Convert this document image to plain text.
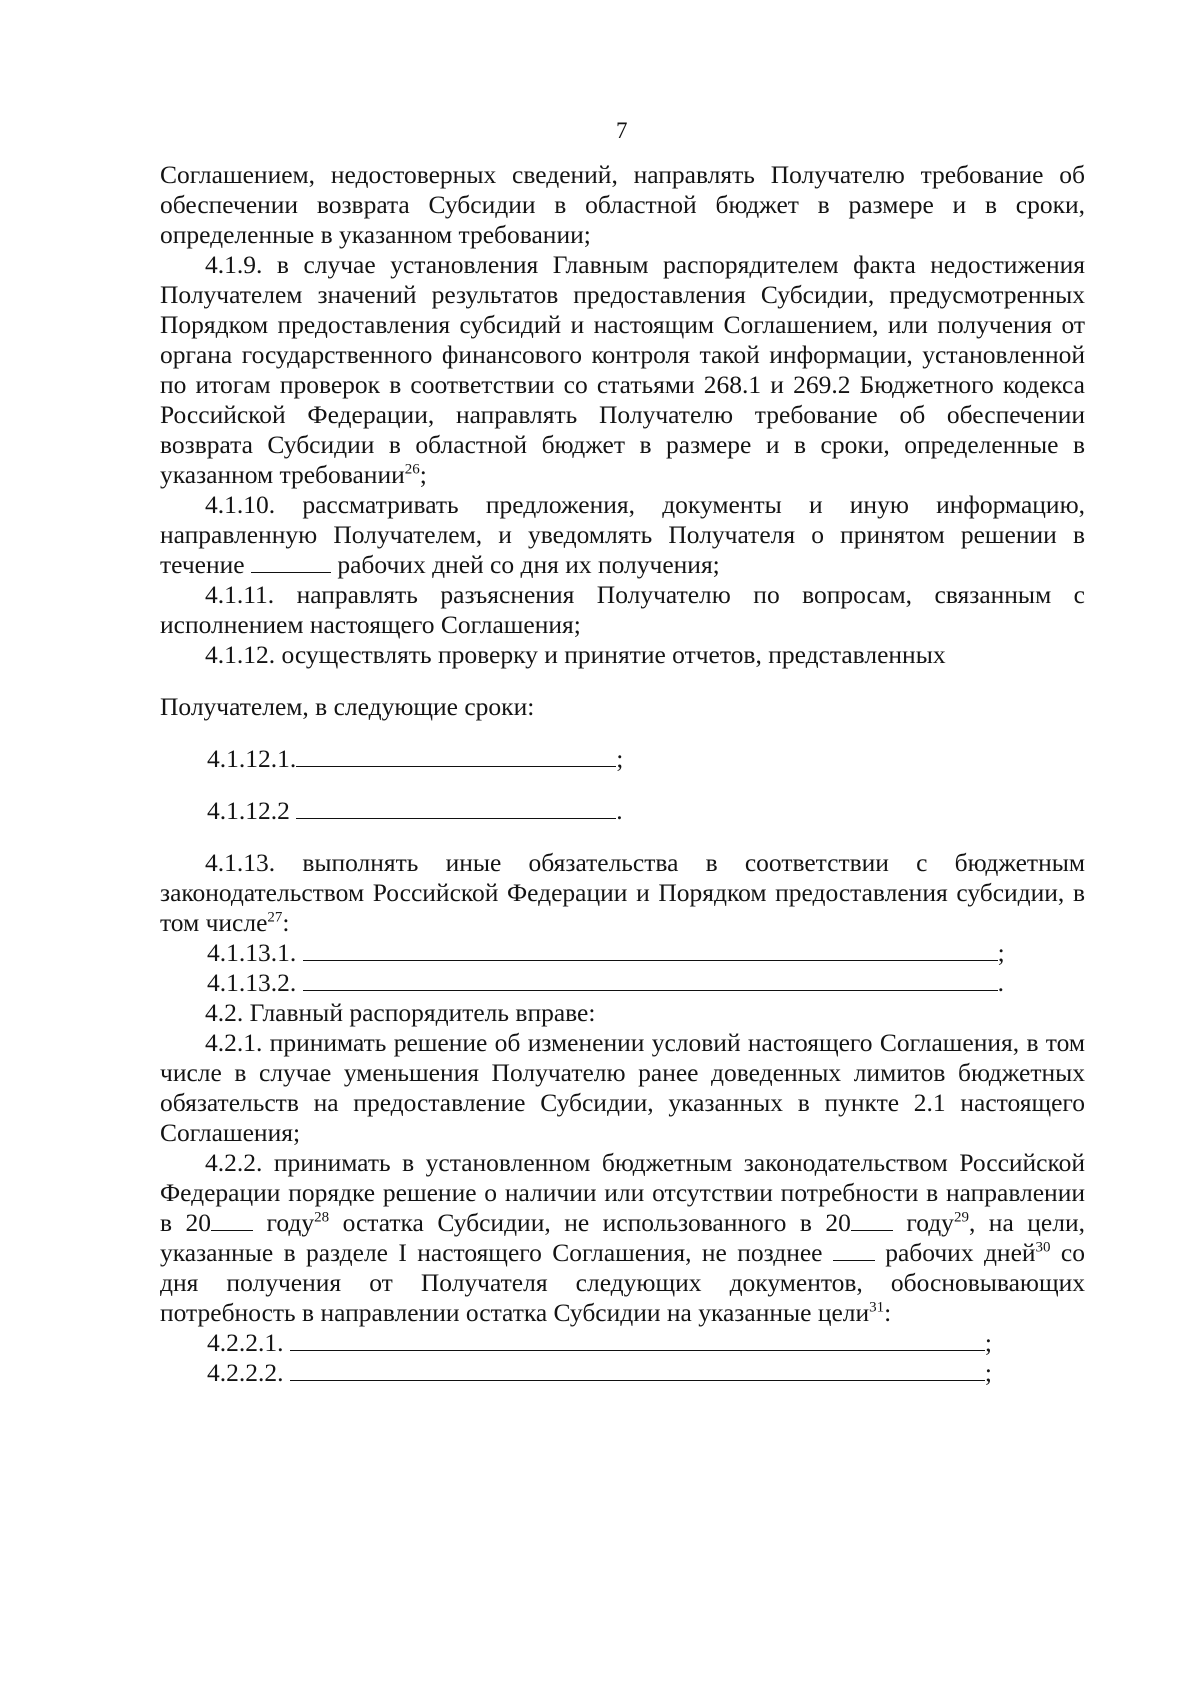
7

Соглашением, недостоверных сведений, направлять Получателю требование об обеспечении возврата Субсидии в областной бюджет в размере и в сроки, определенные в указанном требовании;

4.1.9. в случае установления Главным распорядителем факта недостижения Получателем значений результатов предоставления Субсидии, предусмотренных Порядком предоставления субсидий и настоящим Соглашением, или получения от органа государственного финансового контроля такой информации, установленной по итогам проверок в соответствии со статьями 268.1 и 269.2 Бюджетного кодекса Российской Федерации, направлять Получателю требование об обеспечении возврата Субсидии в областной бюджет в размере и в сроки, определенные в указанном требовании$^{26}$;

4.1.10. рассматривать предложения, документы и иную информацию, направленную Получателем, и уведомлять Получателя о принятом решении в течение	рабочих дней со дня их получения;

4.1.11. направлять разъяснения Получателю по вопросам, связанным с исполнением настоящего Соглашения;

4.1.12. осуществлять проверку и принятие отчетов, представленных

Получателем, в следующие сроки:

4.1.12.1.	;

4.1.12.2	.

4.1.13. выполнять иные обязательства в соответствии с бюджетным законодательством Российской Федерации и Порядком предоставления субсидии, в том числе$^{27}$:

4.1.13.1.	;

4.1.13.2.	.

4.2. Главный распорядитель вправе:

4.2.1. принимать решение об изменении условий настоящего Соглашения, в том числе в случае уменьшения Получателю ранее доведенных лимитов бюджетных обязательств на предоставление Субсидии, указанных в пункте 2.1 настоящего Соглашения;

4.2.2. принимать в установленном бюджетным законодательством Российской Федерации порядке решение о наличии или отсутствии потребности в направлении в 20 году$^{28}$ остатка Субсидии, не использованного в 20 году$^{29}$, на цели, указанные в разделе I настоящего Соглашения, не позднее  рабочих дней$^{30}$ со дня получения от Получателя следующих документов, обосновывающих потребность в направлении остатка Субсидии на указанные цели$^{31}$:

4.2.2.1.	;

4.2.2.2.	;
